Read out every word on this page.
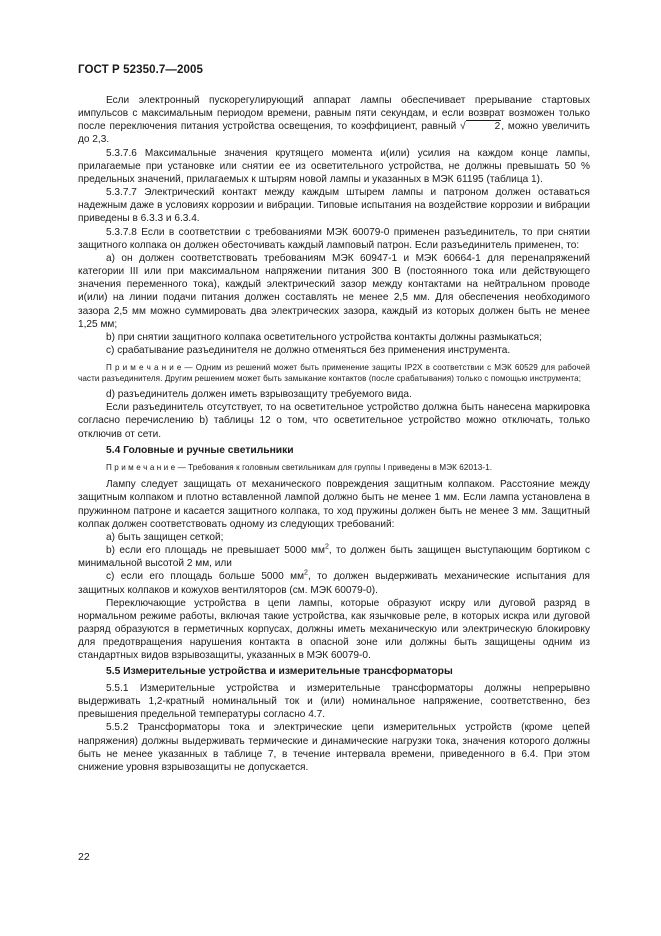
ГОСТ Р 52350.7—2005

Если электронный пускорегулирующий аппарат лампы обеспечивает прерывание стартовых импульсов с максимальным периодом времени, равным пяти секундам, и если возврат возможен только после переключения питания устройства освещения, то коэффициент, равный √	2, можно увеличить до 2,3.

5.3.7.6 Максимальные значения крутящего момента и(или) усилия на каждом конце лампы, прилагаемые при установке или снятии ее из осветительного устройства, не должны превышать 50 % предельных значений, прилагаемых к штырям новой лампы и указанных в МЭК 61195 (таблица 1).

5.3.7.7 Электрический контакт между каждым штырем лампы и патроном должен оставаться надежным даже в условиях коррозии и вибрации. Типовые испытания на воздействие коррозии и вибрации приведены в 6.3.3 и 6.3.4.

5.3.7.8 Если в соответствии с требованиями МЭК 60079-0 применен разъединитель, то при снятии защитного колпака он должен обесточивать каждый ламповый патрон. Если разъединитель применен, то:

a) он должен соответствовать требованиям МЭК 60947-1 и МЭК 60664-1 для перенапряжений категории III или при максимальном напряжении питания 300 В (постоянного тока или действующего значения переменного тока), каждый электрический зазор между контактами на нейтральном проводе и(или) на линии подачи питания должен составлять не менее 2,5 мм. Для обеспечения необходимого зазора 2,5 мм можно суммировать два электрических зазора, каждый из которых должен быть не менее 1,25 мм;

b) при снятии защитного колпака осветительного устройства контакты должны размыкаться;

c) срабатывание разъединителя не должно отменяться без применения инструмента.

П р и м е ч а н и е — Одним из решений может быть применение защиты IP2X в соответствии с МЭК 60529 для рабочей части разъединителя. Другим решением может быть замыкание контактов (после срабатывания) только с помощью инструмента;

d) разъединитель должен иметь взрывозащиту требуемого вида.

Если разъединитель отсутствует, то на осветительное устройство должна быть нанесена маркировка согласно перечислению b) таблицы 12 о том, что осветительное устройство можно отключать, только отключив от сети.

5.4 Головные и ручные светильники

П р и м е ч а н и е — Требования к головным светильникам для группы I приведены в МЭК 62013-1.

Лампу следует защищать от механического повреждения защитным колпаком. Расстояние между защитным колпаком и плотно вставленной лампой должно быть не менее 1 мм. Если лампа установлена в пружинном патроне и касается защитного колпака, то ход пружины должен быть не менее 3 мм. Защитный колпак должен соответствовать одному из следующих требований:

a) быть защищен сеткой;

b) если его площадь не превышает 5000 $мм^2$, то должен быть защищен выступающим бортиком с минимальной высотой 2 мм, или

c) если его площадь больше 5000 $мм^2$, то должен выдерживать механические испытания для защитных колпаков и кожухов вентиляторов (см. МЭК 60079-0).

Переключающие устройства в цепи лампы, которые образуют искру или дуговой разряд в нормальном режиме работы, включая такие устройства, как язычковые реле, в которых искра или дуговой разряд образуются в герметичных корпусах, должны иметь механическую или электрическую блокировку для предотвращения нарушения контакта в опасной зоне или должны быть защищены одним из стандартных видов взрывозащиты, указанных в МЭК 60079-0.

5.5 Измерительные устройства и измерительные трансформаторы

5.5.1 Измерительные устройства и измерительные трансформаторы должны непрерывно выдерживать 1,2-кратный номинальный ток и (или) номинальное напряжение, соответственно, без превышения предельной температуры согласно 4.7.

5.5.2 Трансформаторы тока и электрические цепи измерительных устройств (кроме цепей напряжения) должны выдерживать термические и динамические нагрузки тока, значения которого должны быть не менее указанных в таблице 7, в течение интервала времени, приведенного в 6.4. При этом снижение уровня взрывозащиты не допускается.

22
